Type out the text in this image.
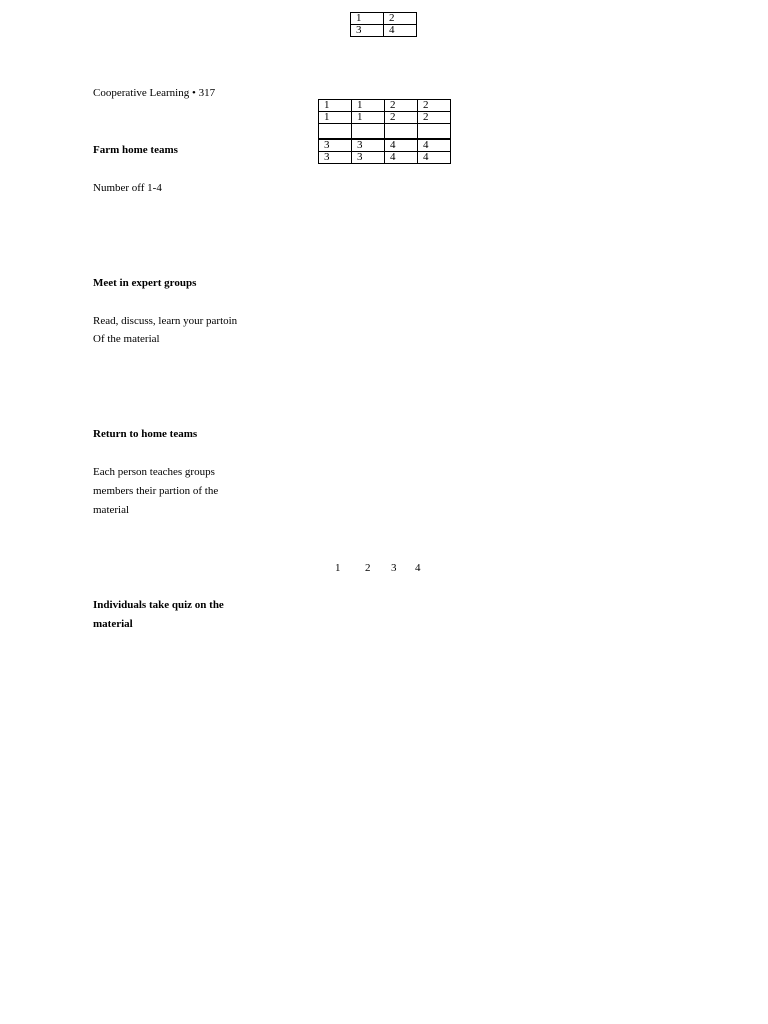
1	2
3	4
Cooperative Learning • 317
1	1	2	2
1	1	2	2

3	3	4	4
3	3	4	4
Farm home teams
Number off 1-4
Meet in expert groups
Read, discuss, learn your partoin
Of the material
Return to home teams
Each person teaches groups
members their partion of the
material
1 2 3 4
Individuals take quiz on the
material
